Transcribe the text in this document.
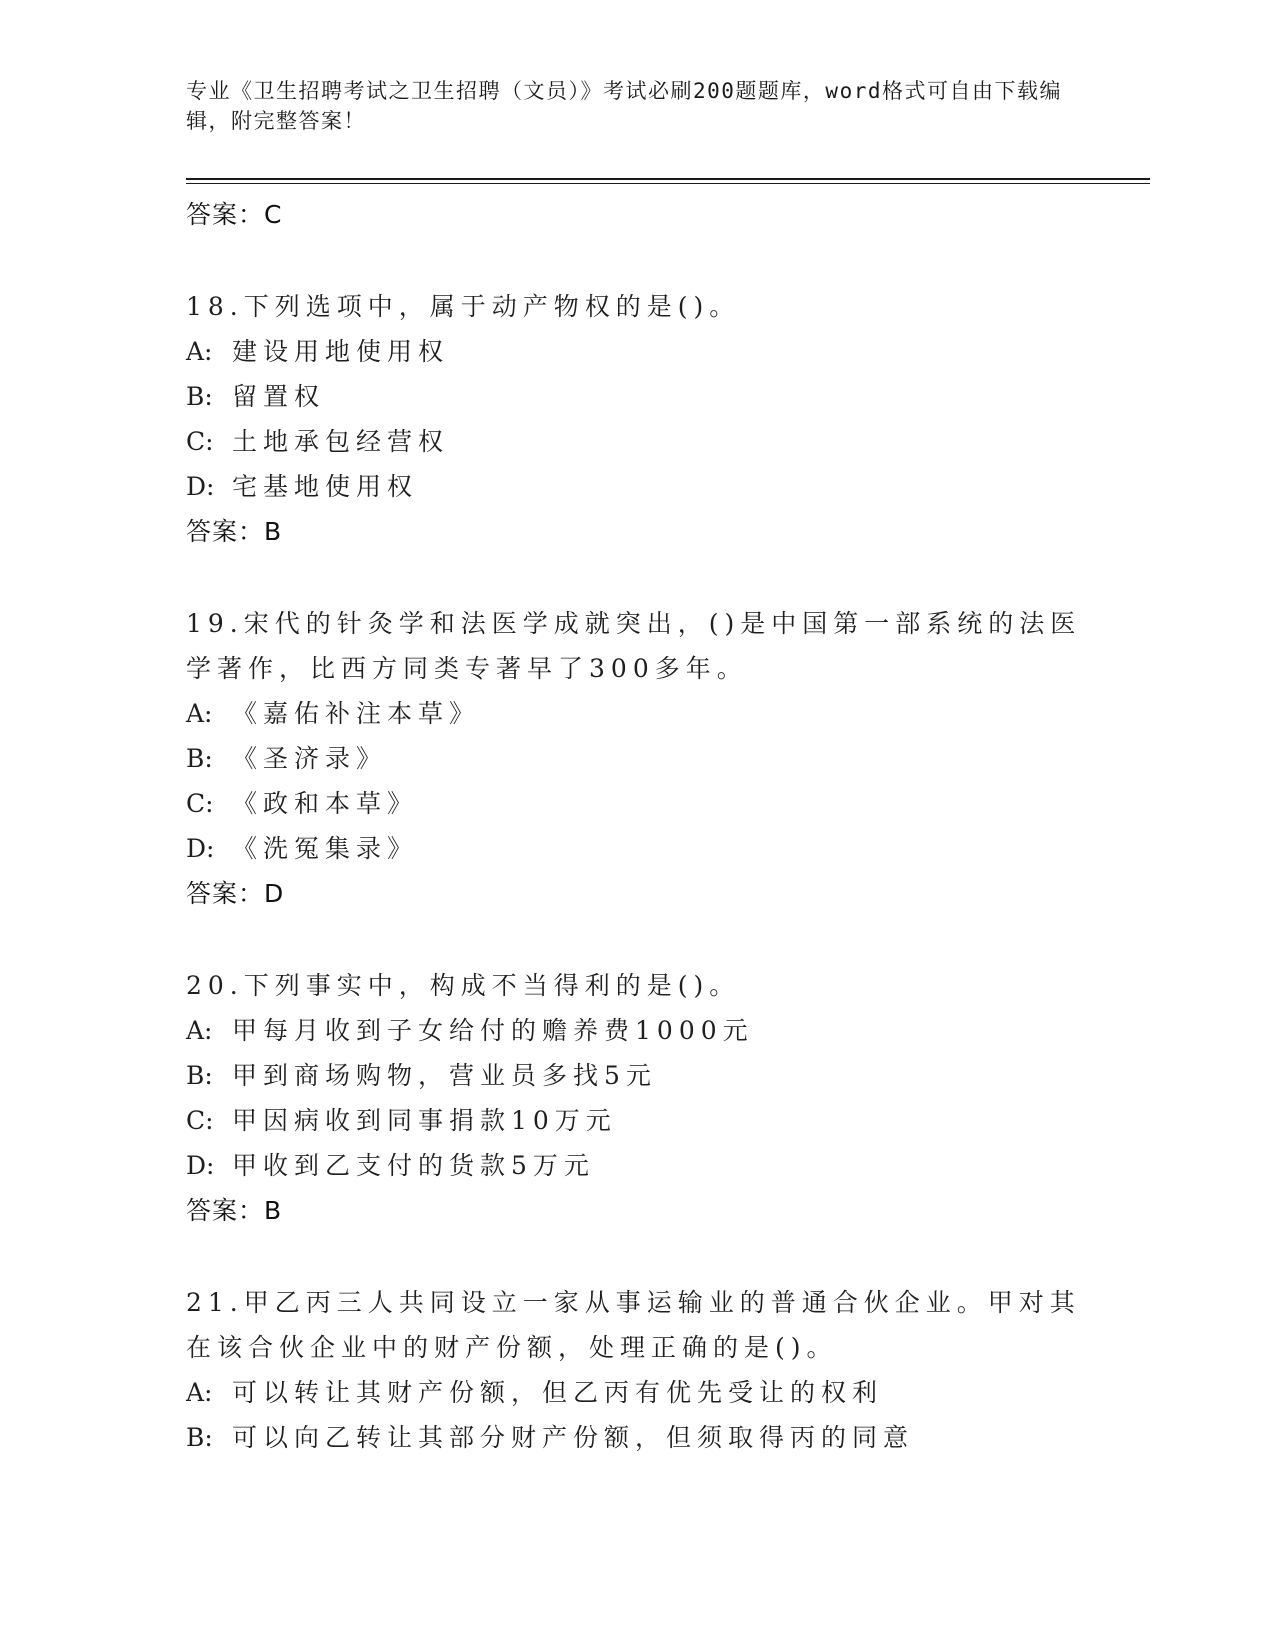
专业《卫生招聘考试之卫生招聘（文员）》考试必刷200题题库，word格式可自由下载编辑，附完整答案！
答案：C
18.下列选项中，属于动产物权的是()。
A: 建设用地使用权
B: 留置权
C: 土地承包经营权
D: 宅基地使用权
答案：B
19.宋代的针灸学和法医学成就突出，()是中国第一部系统的法医学著作，比西方同类专著早了300多年。
A: 《嘉佑补注本草》
B: 《圣济录》
C: 《政和本草》
D: 《洗冤集录》
答案：D
20.下列事实中，构成不当得利的是()。
A: 甲每月收到子女给付的赡养费1000元
B: 甲到商场购物，营业员多找5元
C: 甲因病收到同事捐款10万元
D: 甲收到乙支付的货款5万元
答案：B
21.甲乙丙三人共同设立一家从事运输业的普通合伙企业。甲对其在该合伙企业中的财产份额，处理正确的是()。
A: 可以转让其财产份额，但乙丙有优先受让的权利
B: 可以向乙转让其部分财产份额，但须取得丙的同意
